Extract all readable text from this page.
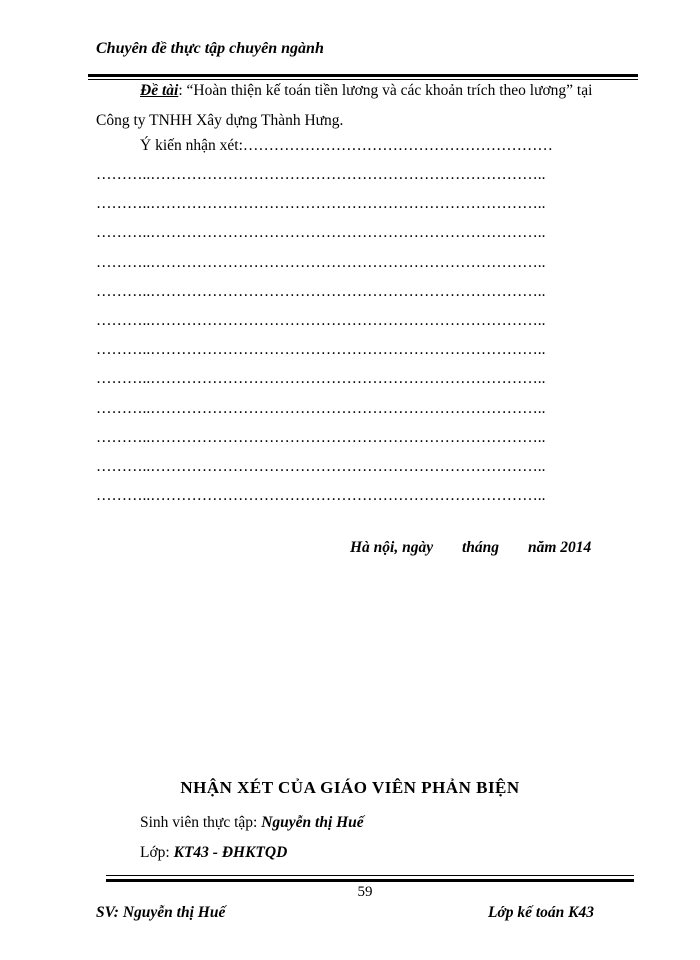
Chuyên đề thực tập chuyên ngành
Đề tài: “Hoàn thiện kế toán tiền lương và các khoản trích theo lương” tại
Công ty TNHH Xây dựng Thành Hưng.
Ý kiến nhận xét:……………………………………………………
………..…………………………………………………………………..
………..…………………………………………………………………..
………..…………………………………………………………………..
………..…………………………………………………………………..
………..…………………………………………………………………..
………..…………………………………………………………………..
………..…………………………………………………………………..
………..…………………………………………………………………..
………..…………………………………………………………………..
………..…………………………………………………………………..
………..…………………………………………………………………..
………..…………………………………………………………………..
Hà nội, ngày tháng năm 2014
NHẬN XÉT CỦA GIÁO VIÊN PHẢN BIỆN
Sinh viên thực tập: Nguyễn thị Huế
Lớp: KT43 - ĐHKTQD
59
SV: Nguyễn thị Huế	Lớp kế toán K43
